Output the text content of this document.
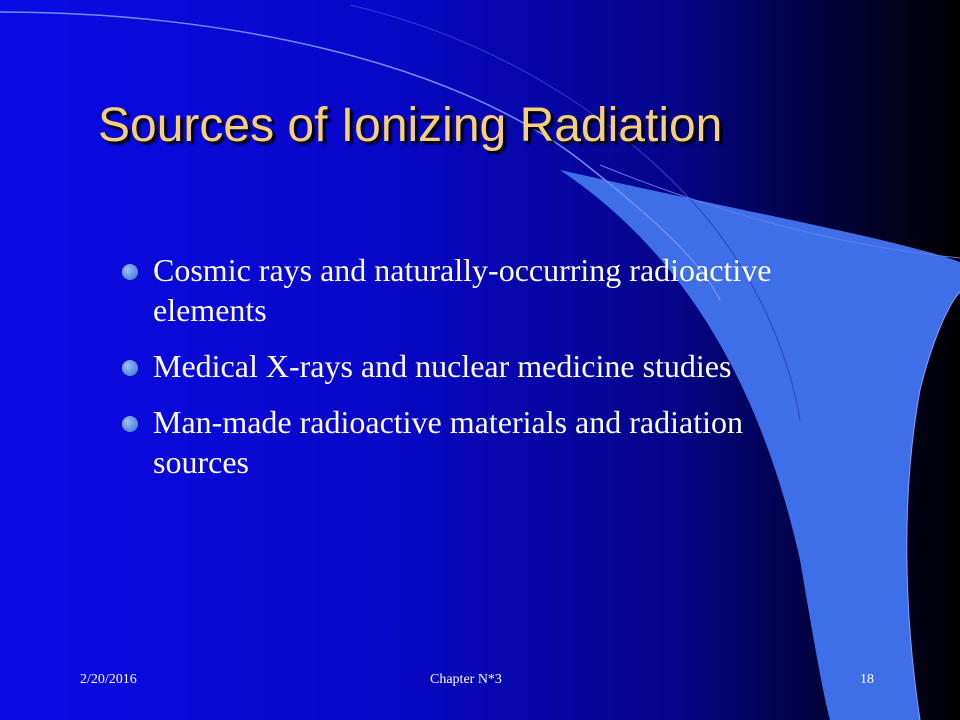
Sources of Ionizing Radiation
Cosmic rays and naturally-occurring radioactive elements
Medical X-rays and nuclear medicine studies
Man-made radioactive materials and radiation sources
2/20/2016	Chapter N*3	18
